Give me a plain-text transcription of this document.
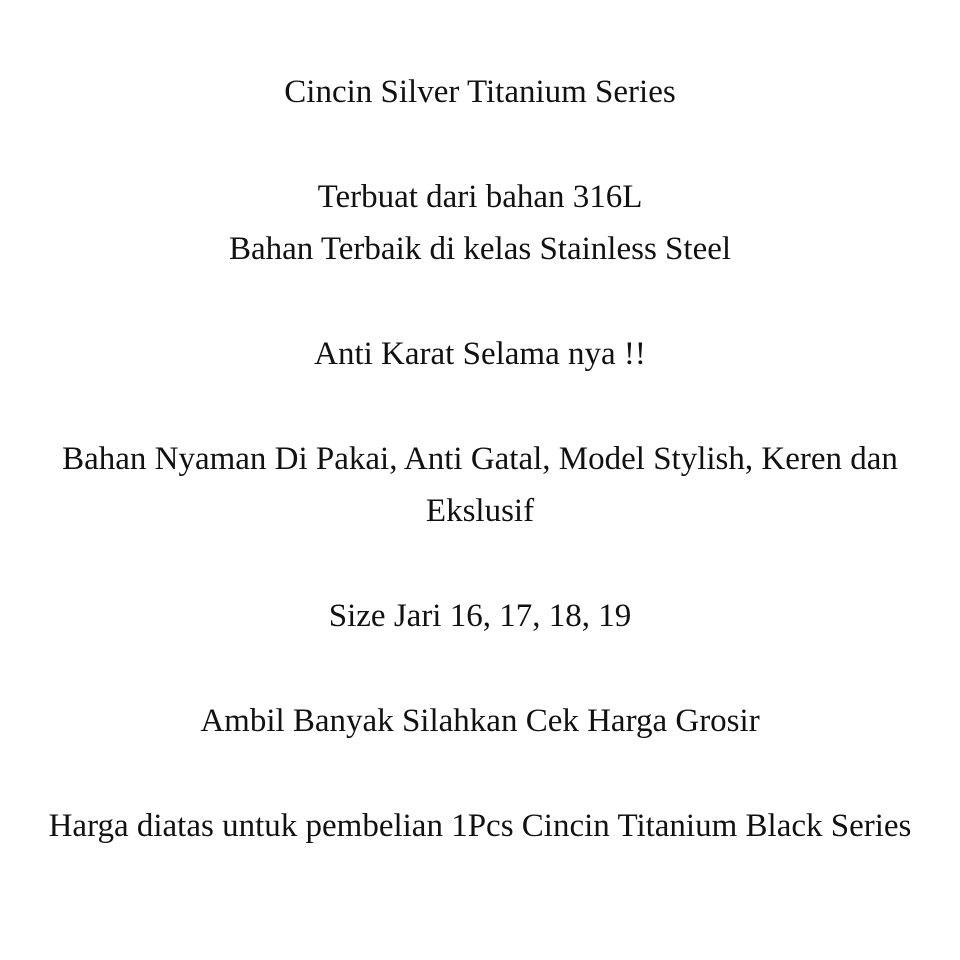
Cincin Silver Titanium Series
Terbuat dari bahan 316L
Bahan Terbaik di kelas Stainless Steel
Anti Karat Selama nya !!
Bahan Nyaman Di Pakai, Anti Gatal, Model Stylish, Keren dan
Ekslusif
Size Jari 16, 17, 18, 19
Ambil Banyak Silahkan Cek Harga Grosir
Harga diatas untuk pembelian 1Pcs Cincin Titanium Black Series
